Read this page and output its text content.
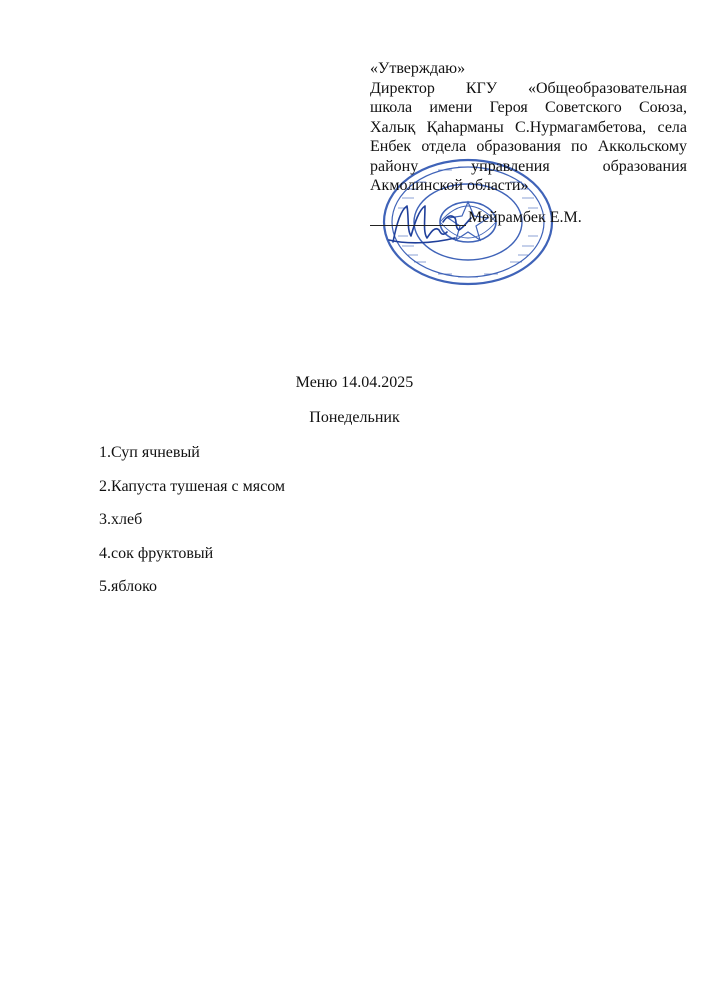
«Утверждаю»
Директор КГУ «Общеобразовательная
школа имени Героя Советского Союза,
Халық Қаһарманы С.Нурмагамбетова, села
Енбек отдела образования по Аккольскому
району управления образования
Акмолинской области»
Мейрамбек Е.М.
Меню 14.04.2025
Понедельник
1.Суп ячневый
2.Капуста тушеная с мясом
3.хлеб
4.сок фруктовый
5.яблоко
